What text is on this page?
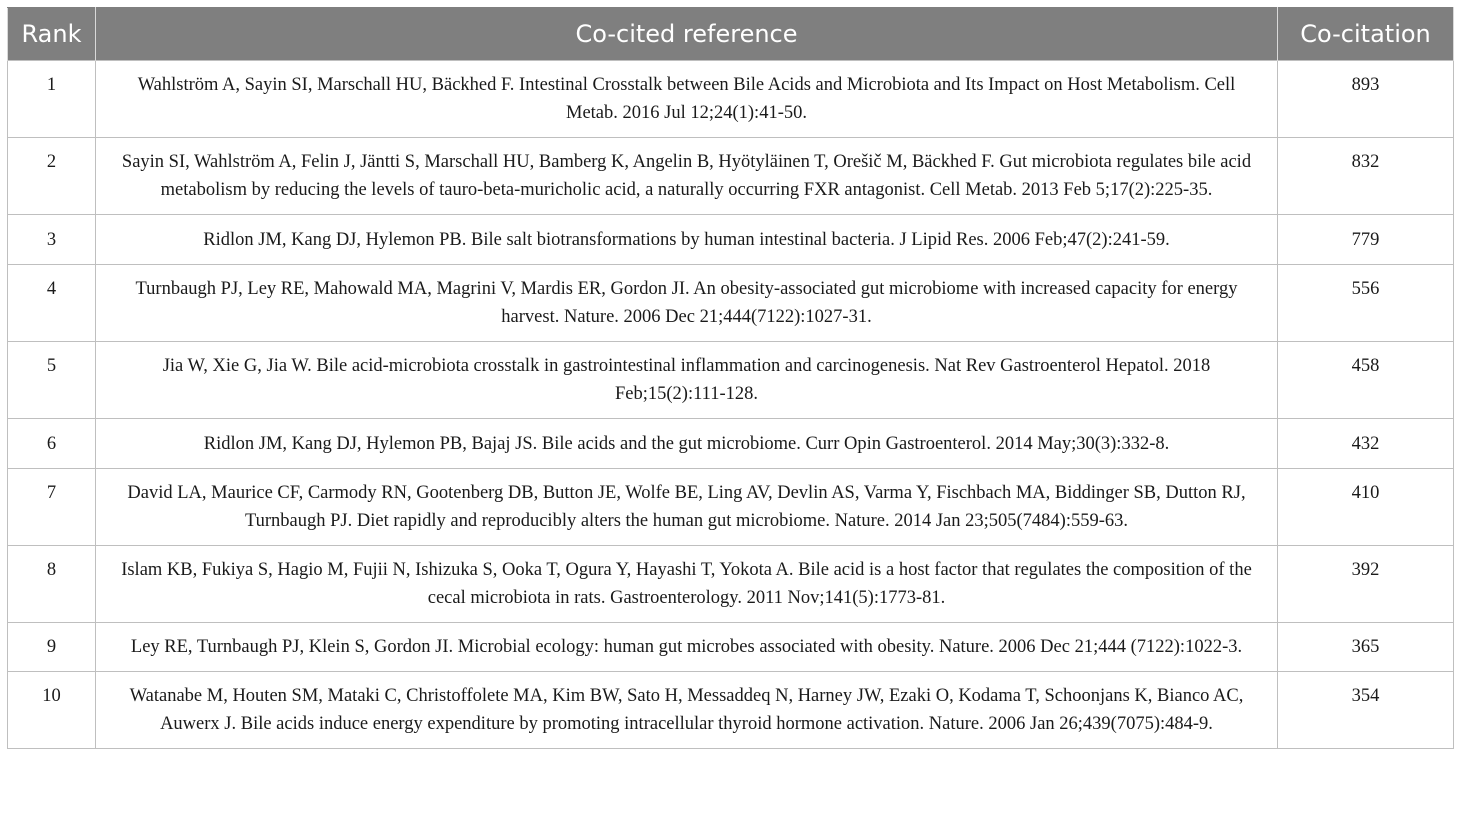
Rank	Co-cited reference	Co-citation
1	Wahlström A, Sayin SI, Marschall HU, Bäckhed F. Intestinal Crosstalk between Bile Acids and Microbiota and Its Impact on Host Metabolism. Cell Metab. 2016 Jul 12;24(1):41-50.	893
2	Sayin SI, Wahlström A, Felin J, Jäntti S, Marschall HU, Bamberg K, Angelin B, Hyötyläinen T, Orešič M, Bäckhed F. Gut microbiota regulates bile acid metabolism by reducing the levels of tauro-beta-muricholic acid, a naturally occurring FXR antagonist. Cell Metab. 2013 Feb 5;17(2):225-35.	832
3	Ridlon JM, Kang DJ, Hylemon PB. Bile salt biotransformations by human intestinal bacteria. J Lipid Res. 2006 Feb;47(2):241-59.	779
4	Turnbaugh PJ, Ley RE, Mahowald MA, Magrini V, Mardis ER, Gordon JI. An obesity-associated gut microbiome with increased capacity for energy harvest. Nature. 2006 Dec 21;444(7122):1027-31.	556
5	Jia W, Xie G, Jia W. Bile acid-microbiota crosstalk in gastrointestinal inflammation and carcinogenesis. Nat Rev Gastroenterol Hepatol. 2018 Feb;15(2):111-128.	458
6	Ridlon JM, Kang DJ, Hylemon PB, Bajaj JS. Bile acids and the gut microbiome. Curr Opin Gastroenterol. 2014 May;30(3):332-8.	432
7	David LA, Maurice CF, Carmody RN, Gootenberg DB, Button JE, Wolfe BE, Ling AV, Devlin AS, Varma Y, Fischbach MA, Biddinger SB, Dutton RJ, Turnbaugh PJ. Diet rapidly and reproducibly alters the human gut microbiome. Nature. 2014 Jan 23;505(7484):559-63.	410
8	Islam KB, Fukiya S, Hagio M, Fujii N, Ishizuka S, Ooka T, Ogura Y, Hayashi T, Yokota A. Bile acid is a host factor that regulates the composition of the cecal microbiota in rats. Gastroenterology. 2011 Nov;141(5):1773-81.	392
9	Ley RE, Turnbaugh PJ, Klein S, Gordon JI. Microbial ecology: human gut microbes associated with obesity. Nature. 2006 Dec 21;444 (7122):1022-3.	365
10	Watanabe M, Houten SM, Mataki C, Christoffolete MA, Kim BW, Sato H, Messaddeq N, Harney JW, Ezaki O, Kodama T, Schoonjans K, Bianco AC, Auwerx J. Bile acids induce energy expenditure by promoting intracellular thyroid hormone activation. Nature. 2006 Jan 26;439(7075):484-9.	354
